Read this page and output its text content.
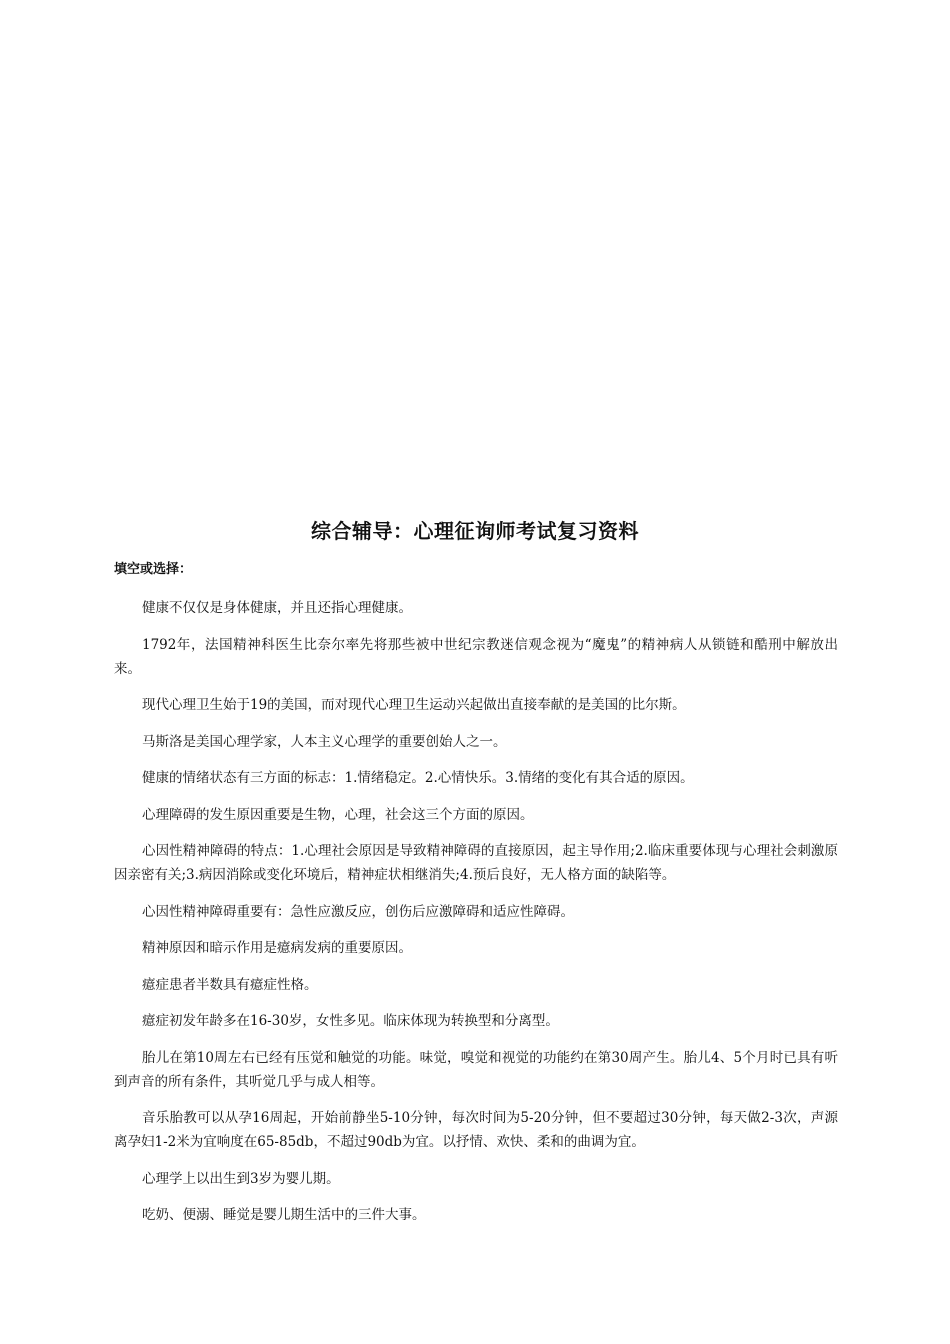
综合辅导：心理征询师考试复习资料

填空或选择：

健康不仅仅是身体健康，并且还指心理健康。

1792年，法国精神科医生比奈尔率先将那些被中世纪宗教迷信观念视为“魔鬼”的精神病人从锁链和酷刑中解放出来。

现代心理卫生始于19的美国，而对现代心理卫生运动兴起做出直接奉献的是美国的比尔斯。

马斯洛是美国心理学家，人本主义心理学的重要创始人之一。

健康的情绪状态有三方面的标志：1.情绪稳定。2.心情快乐。3.情绪的变化有其合适的原因。

心理障碍的发生原因重要是生物，心理，社会这三个方面的原因。

心因性精神障碍的特点：1.心理社会原因是导致精神障碍的直接原因，起主导作用;2.临床重要体现与心理社会刺激原因亲密有关;3.病因消除或变化环境后，精神症状相继消失;4.预后良好，无人格方面的缺陷等。

心因性精神障碍重要有：急性应激反应，创伤后应激障碍和适应性障碍。

精神原因和暗示作用是癔病发病的重要原因。

癔症患者半数具有癔症性格。

癔症初发年龄多在16-30岁，女性多见。临床体现为转换型和分离型。

胎儿在第10周左右已经有压觉和触觉的功能。味觉，嗅觉和视觉的功能约在第30周产生。胎儿4、5个月时已具有听到声音的所有条件，其听觉几乎与成人相等。

音乐胎教可以从孕16周起，开始前静坐5-10分钟，每次时间为5-20分钟，但不要超过30分钟，每天做2-3次，声源离孕妇1-2米为宜响度在65-85db，不超过90db为宜。以抒情、欢快、柔和的曲调为宜。

心理学上以出生到3岁为婴儿期。

吃奶、便溺、睡觉是婴儿期生活中的三件大事。
